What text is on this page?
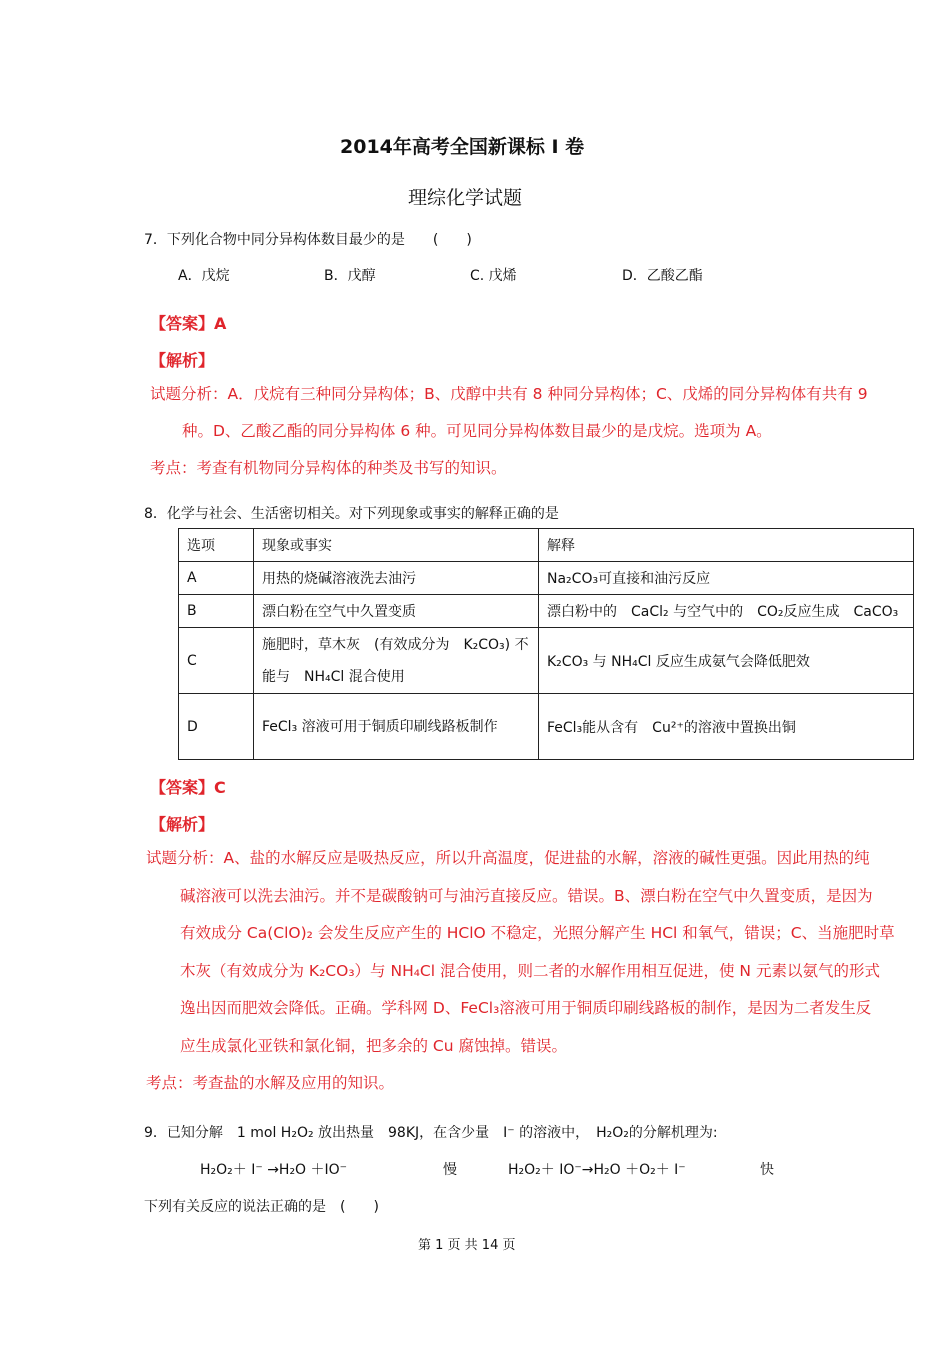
2014年高考全国新课标 I 卷
理综化学试题
7．下列化合物中同分异构体数目最少的是　　(　　)
A．戊烷	B．戊醇	C. 戊烯	D．乙酸乙酯
【答案】A
【解析】
试题分析：A．戊烷有三种同分异构体；B、戊醇中共有 8 种同分异构体；C、戊烯的同分异构体有共有 9
种。D、乙酸乙酯的同分异构体 6 种。可见同分异构体数目最少的是戊烷。选项为 A。
考点：考查有机物同分异构体的种类及书写的知识。
8．化学与社会、生活密切相关。对下列现象或事实的解释正确的是
选项	现象或事实	解释
A	用热的烧碱溶液洗去油污	Na₂CO₃可直接和油污反应
B	漂白粉在空气中久置变质	漂白粉中的　CaCl₂ 与空气中的　CO₂反应生成　CaCO₃
C	施肥时，草木灰　(有效成分为　K₂CO₃) 不能与　NH₄Cl 混合使用	K₂CO₃ 与 NH₄Cl 反应生成氨气会降低肥效
D	FeCl₃ 溶液可用于铜质印刷线路板制作	FeCl₃能从含有　Cu²⁺的溶液中置换出铜
【答案】C
【解析】
试题分析：A、盐的水解反应是吸热反应，所以升高温度，促进盐的水解，溶液的碱性更强。因此用热的纯
碱溶液可以洗去油污。并不是碳酸钠可与油污直接反应。错误。B、漂白粉在空气中久置变质，是因为
有效成分 Ca(ClO)₂ 会发生反应产生的 HClO 不稳定，光照分解产生 HCl 和氧气，错误；C、当施肥时草
木灰（有效成分为 K₂CO₃）与 NH₄Cl 混合使用，则二者的水解作用相互促进，使 N 元素以氨气的形式
逸出因而肥效会降低。正确。学科网 D、FeCl₃溶液可用于铜质印刷线路板的制作，是因为二者发生反
应生成氯化亚铁和氯化铜，把多余的 Cu 腐蚀掉。错误。
考点：考查盐的水解及应用的知识。
9．已知分解　1 mol H₂O₂ 放出热量　98KJ，在含少量　I⁻ 的溶液中，　H₂O₂的分解机理为:
H₂O₂＋ I⁻ →H₂O ＋IO⁻	慢	H₂O₂＋ IO⁻→H₂O ＋O₂＋ I⁻	快
下列有关反应的说法正确的是　(　　)
第 1 页 共 14 页
